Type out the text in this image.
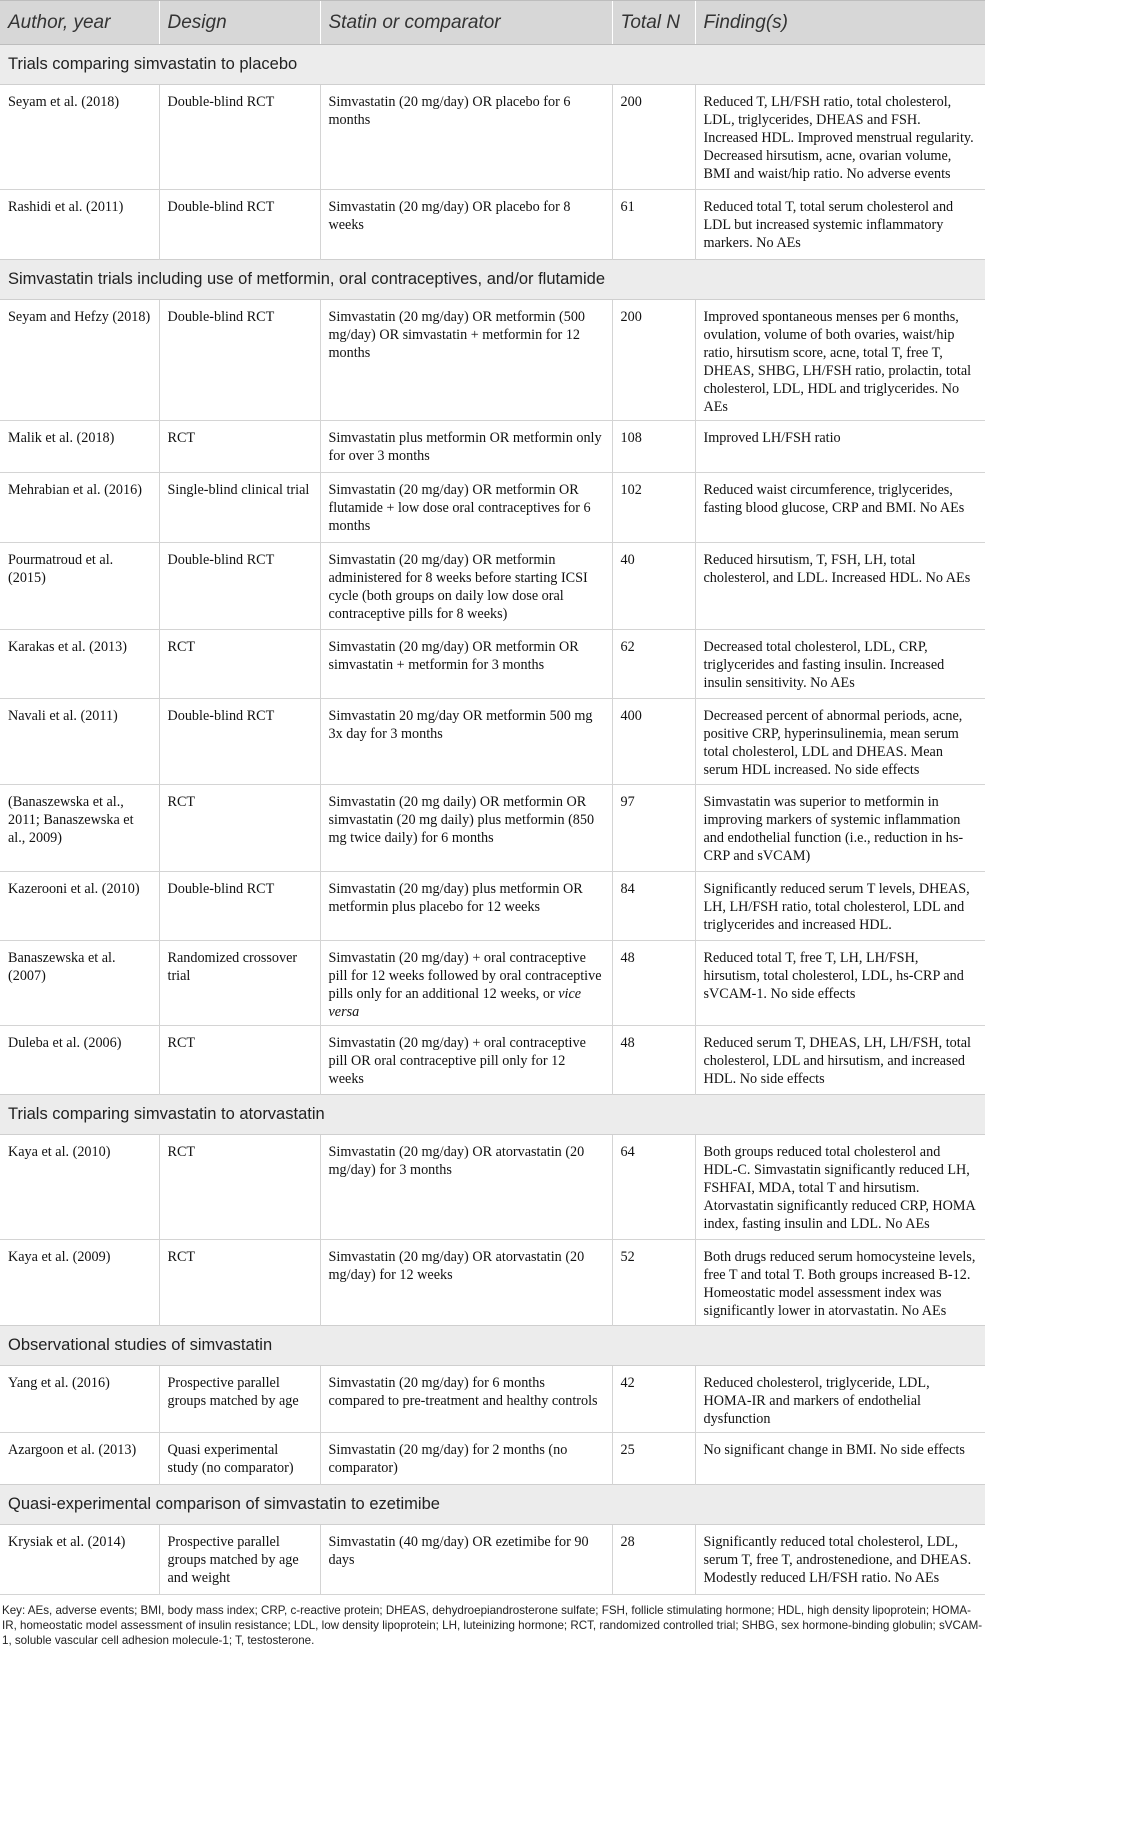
Author, year	Design	Statin or comparator	Total N	Finding(s)
Trials comparing simvastatin to placebo				
Seyam et al. (2018)	Double-blind RCT	Simvastatin (20 mg/day) OR placebo for 6 months	200	Reduced T, LH/FSH ratio, total cholesterol, LDL, triglycerides, DHEAS and FSH. Increased HDL. Improved menstrual regularity. Decreased hirsutism, acne, ovarian volume, BMI and waist/hip ratio. No adverse events
Rashidi et al. (2011)	Double-blind RCT	Simvastatin (20 mg/day) OR placebo for 8 weeks	61	Reduced total T, total serum cholesterol and LDL but increased systemic inflammatory markers. No AEs
Simvastatin trials including use of metformin, oral contraceptives, and/or flutamide				
Seyam and Hefzy (2018)	Double-blind RCT	Simvastatin (20 mg/day) OR metformin (500 mg/day) OR simvastatin + metformin for 12 months	200	Improved spontaneous menses per 6 months, ovulation, volume of both ovaries, waist/hip ratio, hirsutism score, acne, total T, free T, DHEAS, SHBG, LH/FSH ratio, prolactin, total cholesterol, LDL, HDL and triglycerides. No AEs
Malik et al. (2018)	RCT	Simvastatin plus metformin OR metformin only for over 3 months	108	Improved LH/FSH ratio
Mehrabian et al. (2016)	Single-blind clinical trial	Simvastatin (20 mg/day) OR metformin OR flutamide + low dose oral contraceptives for 6 months	102	Reduced waist circumference, triglycerides, fasting blood glucose, CRP and BMI. No AEs
Pourmatroud et al. (2015)	Double-blind RCT	Simvastatin (20 mg/day) OR metformin administered for 8 weeks before starting ICSI cycle (both groups on daily low dose oral contraceptive pills for 8 weeks)	40	Reduced hirsutism, T, FSH, LH, total cholesterol, and LDL. Increased HDL. No AEs
Karakas et al. (2013)	RCT	Simvastatin (20 mg/day) OR metformin OR simvastatin + metformin for 3 months	62	Decreased total cholesterol, LDL, CRP, triglycerides and fasting insulin. Increased insulin sensitivity. No AEs
Navali et al. (2011)	Double-blind RCT	Simvastatin 20 mg/day OR metformin 500 mg 3x day for 3 months	400	Decreased percent of abnormal periods, acne, positive CRP, hyperinsulinemia, mean serum total cholesterol, LDL and DHEAS. Mean serum HDL increased. No side effects
(Banaszewska et al., 2011; Banaszewska et al., 2009)	RCT	Simvastatin (20 mg daily) OR metformin OR simvastatin (20 mg daily) plus metformin (850 mg twice daily) for 6 months	97	Simvastatin was superior to metformin in improving markers of systemic inflammation and endothelial function (i.e., reduction in hs-CRP and sVCAM)
Kazerooni et al. (2010)	Double-blind RCT	Simvastatin (20 mg/day) plus metformin OR metformin plus placebo for 12 weeks	84	Significantly reduced serum T levels, DHEAS, LH, LH/FSH ratio, total cholesterol, LDL and triglycerides and increased HDL.
Banaszewska et al. (2007)	Randomized crossover trial	Simvastatin (20 mg/day) + oral contraceptive pill for 12 weeks followed by oral contraceptive pills only for an additional 12 weeks, or vice versa	48	Reduced total T, free T, LH, LH/FSH, hirsutism, total cholesterol, LDL, hs-CRP and sVCAM-1. No side effects
Duleba et al. (2006)	RCT	Simvastatin (20 mg/day) + oral contraceptive pill OR oral contraceptive pill only for 12 weeks	48	Reduced serum T, DHEAS, LH, LH/FSH, total cholesterol, LDL and hirsutism, and increased HDL. No side effects
Trials comparing simvastatin to atorvastatin				
Kaya et al. (2010)	RCT	Simvastatin (20 mg/day) OR atorvastatin (20 mg/day) for 3 months	64	Both groups reduced total cholesterol and HDL-C. Simvastatin significantly reduced LH, FSHFAI, MDA, total T and hirsutism. Atorvastatin significantly reduced CRP, HOMA index, fasting insulin and LDL. No AEs
Kaya et al. (2009)	RCT	Simvastatin (20 mg/day) OR atorvastatin (20 mg/day) for 12 weeks	52	Both drugs reduced serum homocysteine levels, free T and total T. Both groups increased B-12. Homeostatic model assessment index was significantly lower in atorvastatin. No AEs
Observational studies of simvastatin				
Yang et al. (2016)	Prospective parallel groups matched by age	Simvastatin (20 mg/day) for 6 months compared to pre-treatment and healthy controls	42	Reduced cholesterol, triglyceride, LDL, HOMA-IR and markers of endothelial dysfunction
Azargoon et al. (2013)	Quasi experimental study (no comparator)	Simvastatin (20 mg/day) for 2 months (no comparator)	25	No significant change in BMI. No side effects
Quasi-experimental comparison of simvastatin to ezetimibe				
Krysiak et al. (2014)	Prospective parallel groups matched by age and weight	Simvastatin (40 mg/day) OR ezetimibe for 90 days	28	Significantly reduced total cholesterol, LDL, serum T, free T, androstenedione, and DHEAS. Modestly reduced LH/FSH ratio. No AEs
Key: AEs, adverse events; BMI, body mass index; CRP, c-reactive protein; DHEAS, dehydroepiandrosterone sulfate; FSH, follicle stimulating hormone; HDL, high density lipoprotein; HOMA-IR, homeostatic model assessment of insulin resistance; LDL, low density lipoprotein; LH, luteinizing hormone; RCT, randomized controlled trial; SHBG, sex hormone-binding globulin; sVCAM-1, soluble vascular cell adhesion molecule-1; T, testosterone.
